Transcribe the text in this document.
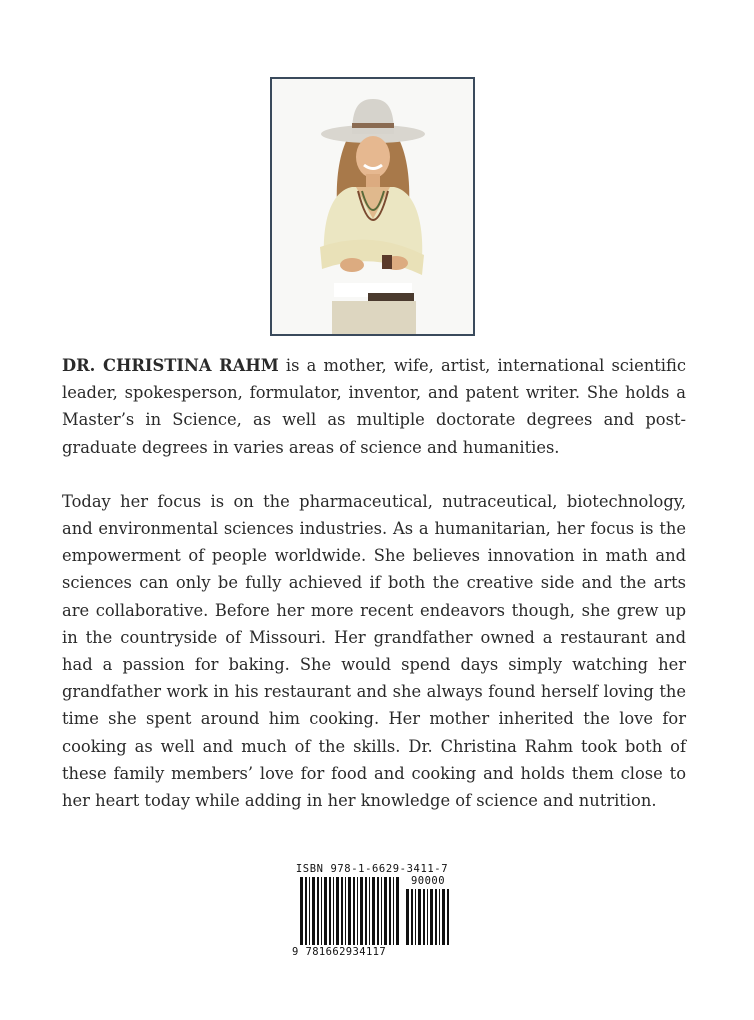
DR. CHRISTINA RAHM is a mother, wife, artist, international scientific leader, spokesperson, formulator, inventor, and patent writer. She holds a Master’s in Science, as well as multiple doctorate degrees and post-graduate degrees in varies areas of science and humanities.

Today her focus is on the pharmaceutical, nutraceutical, biotechnology, and environmental sciences industries. As a humanitarian, her focus is the empowerment of people worldwide. She believes innovation in math and sciences can only be fully achieved if both the creative side and the arts are collaborative. Before her more recent endeavors though, she grew up in the countryside of Missouri. Her grandfather owned a restaurant and had a passion for baking. She would spend days simply watching her grandfather work in his restaurant and she always found herself loving the time she spent around him cooking. Her mother inherited the love for cooking as well and much of the skills. Dr. Christina Rahm took both of these family members’ love for food and cooking and holds them close to her heart today while adding in her knowledge of science and nutrition.

ISBN 978-1-6629-3411-7
90000
9 781662934117
